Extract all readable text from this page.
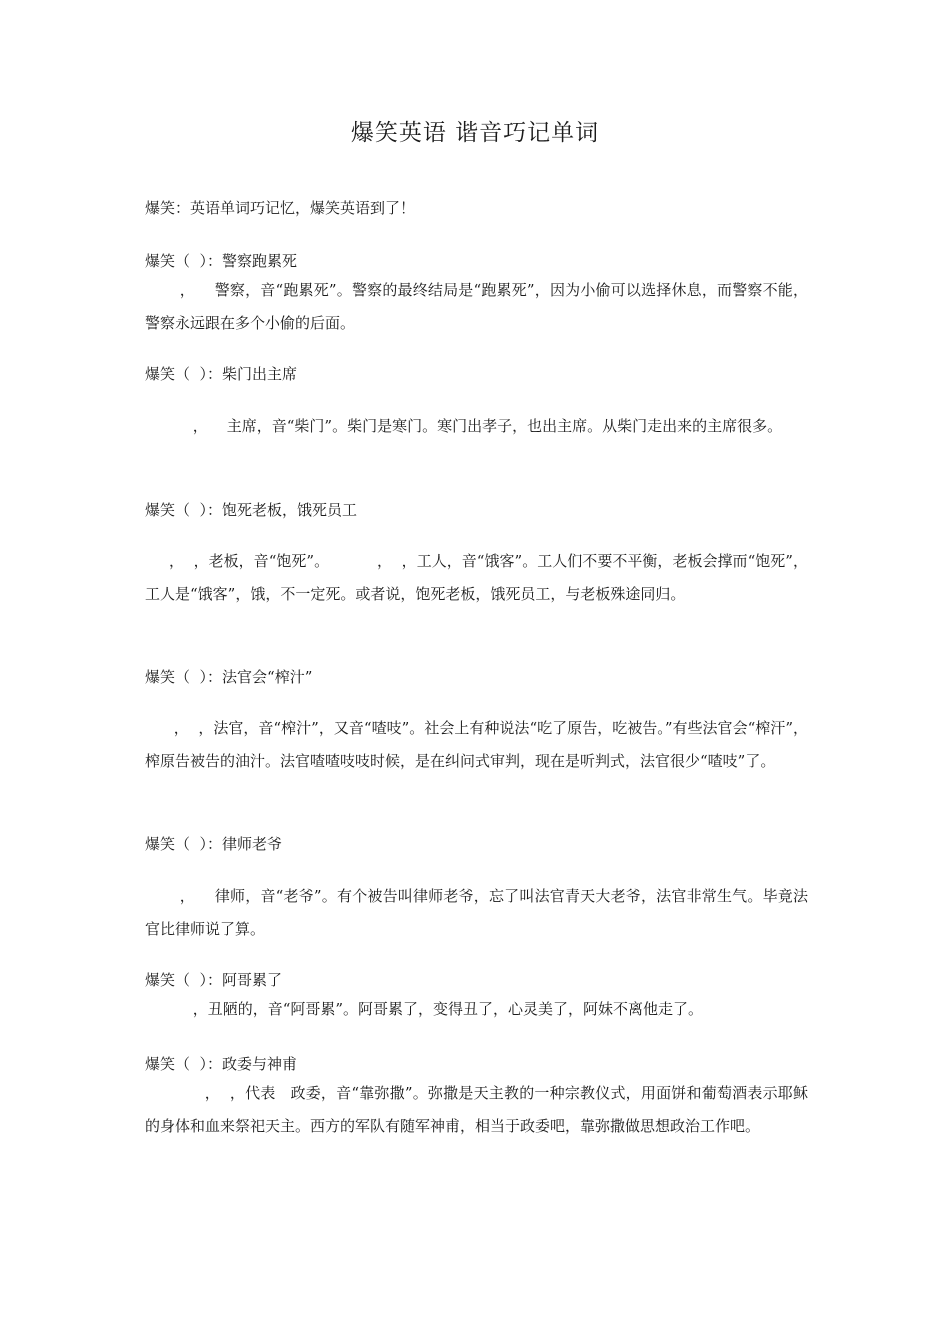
爆笑英语 谐音巧记单词
爆笑：英语单词巧记忆，爆笑英语到了！
爆笑（  ）：警察跑累死
，    警察，音“跑累死”。警察的最终结局是“跑累死”，因为小偷可以选择休息，而警察不能，警察永远跟在多个小偷的后面。
爆笑（  ）：柴门出主席
，    主席，音“柴门”。柴门是寒门。寒门出孝子，也出主席。从柴门走出来的主席很多。
爆笑（  ）：饱死老板，饿死员工
，  ，老板，音“饱死”。          ，  ，工人，音“饿客”。工人们不要不平衡，老板会撑而“饱死”，工人是“饿客”，饿，不一定死。或者说，饱死老板，饿死员工，与老板殊途同归。
爆笑（  ）：法官会“榨汁”
，  ，法官，音“榨汁”，又音“喳吱”。社会上有种说法“吃了原告，吃被告。”有些法官会“榨汗”，榨原告被告的油汁。法官喳喳吱吱时候，是在纠问式审判，现在是听判式，法官很少“喳吱”了。
爆笑（  ）：律师老爷
，    律师，音“老爷”。有个被告叫律师老爷，忘了叫法官青天大老爷，法官非常生气。毕竟法官比律师说了算。
爆笑（  ）：阿哥累了
，丑陋的，音“阿哥累”。阿哥累了，变得丑了，心灵美了，阿妹不离他走了。
爆笑（  ）：政委与神甫
，  ，代表   政委，音“靠弥撒”。弥撒是天主教的一种宗教仪式，用面饼和葡萄酒表示耶稣的身体和血来祭祀天主。西方的军队有随军神甫，相当于政委吧，靠弥撒做思想政治工作吧。
